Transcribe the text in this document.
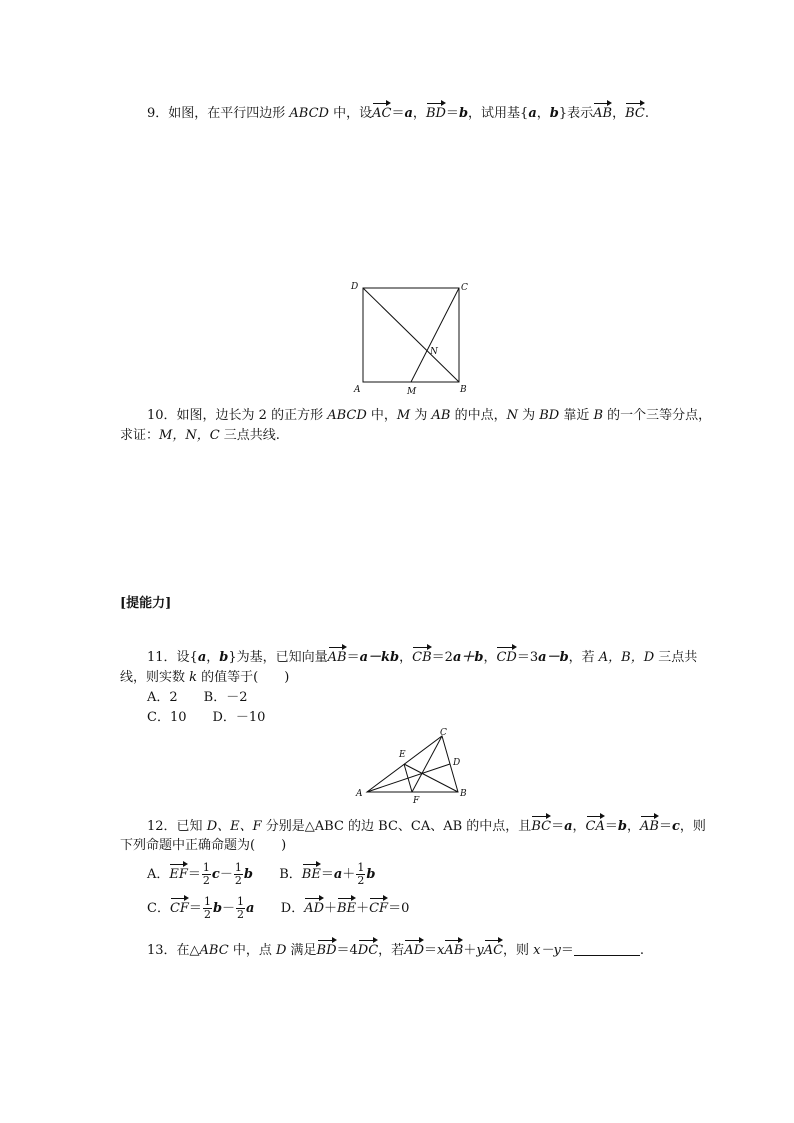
9．如图，在平行四边形 ABCD 中，设AC＝a，BD＝b，试用基{a，b}表示AB，BC.
D	C
N
A	M	B
10．如图，边长为 2 的正方形 ABCD 中，M 为 AB 的中点，N 为 BD 靠近 B 的一个三等分点，
求证：M，N，C 三点共线.
[提能力]
11．设{a，b}为基，已知向量AB＝a－kb，CB＝2a＋b，CD＝3a－b，若 A，B，D 三点共
线，则实数 k 的值等于(　　)
A．2　　B．－2
C．10　　D．－10
C
E
D
A
F
B
12．已知 D、E、F 分别是△ABC 的边 BC、CA、AB 的中点，且BC＝a，CA＝b，AB＝c，则
下列命题中正确命题为(　　)
A．$EF= \frac{1}{2} c- \frac{1}{2}$ b B．$BE=a+ \frac{1}{2}$ b
C．$CF= \frac{1}{2} b- \frac{1}{2}$ a D．AD＋BE＋CF＝0
13．在△ABC 中，点 D 满足BD＝4DC，若AD＝xAB＋yAC，则 x－y＝	.
